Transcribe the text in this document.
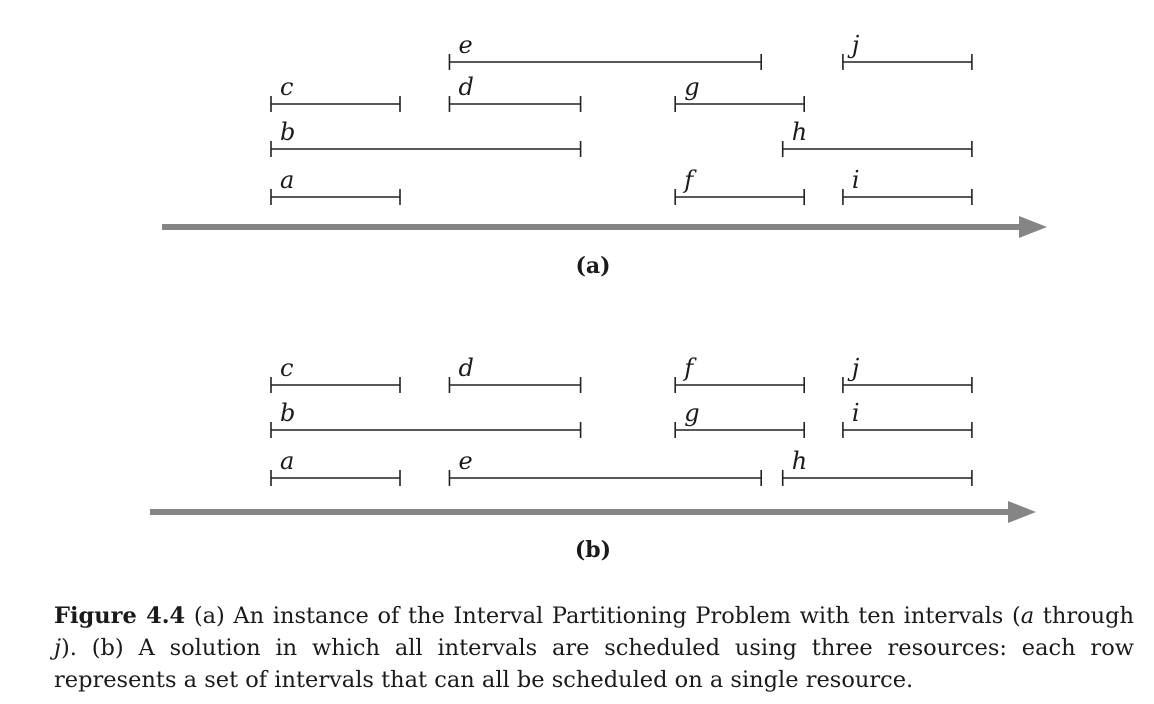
a
b
c	d
e
f
g
h
i
j
(a)
a	e	h
b	g	i
c	d	f	j
(b)
Figure 4.4 (a) An instance of the Interval Partitioning Problem with ten intervals (a through j). (b) A solution in which all intervals are scheduled using three resources: each row represents a set of intervals that can all be scheduled on a single resource.
